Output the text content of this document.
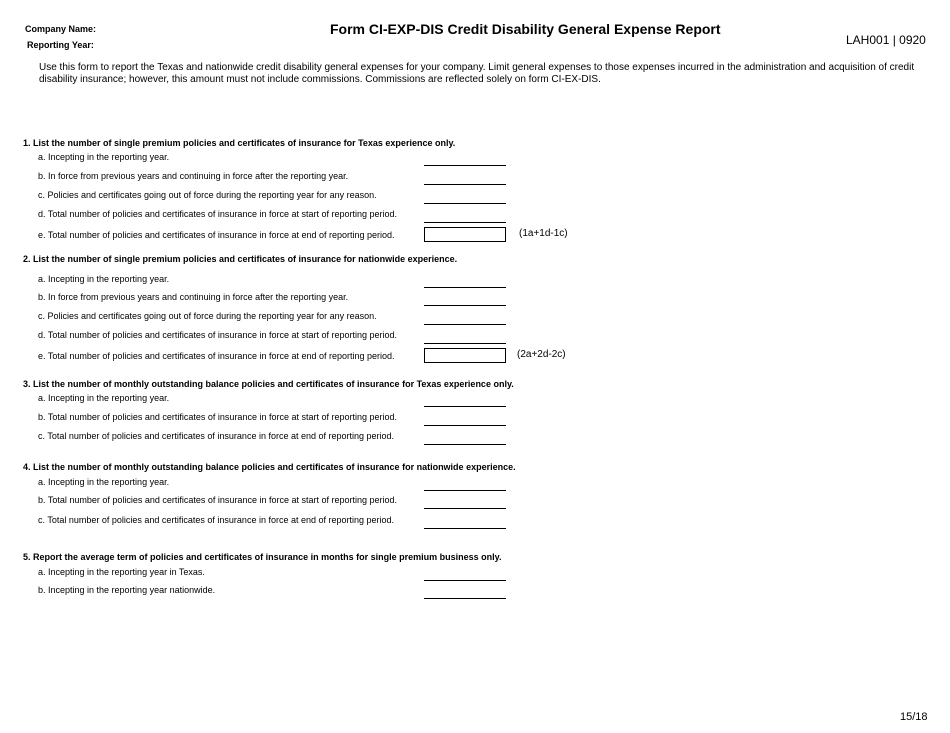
Company Name:
Reporting Year:
Form CI-EXP-DIS Credit Disability General Expense Report
LAH001 | 0920
Use this form to report the Texas and nationwide credit disability general expenses for your company. Limit general expenses to those expenses incurred in the administration and acquisition of credit disability insurance; however, this amount must not include commissions. Commissions are reflected solely on form CI-EX-DIS.
1. List the number of single premium policies and certificates of insurance for Texas experience only.
a. Incepting in the reporting year.
b. In force from previous years and continuing in force after the reporting year.
c. Policies and certificates going out of force during the reporting year for any reason.
d. Total number of policies and certificates of insurance in force at start of reporting period.
e. Total number of policies and certificates of insurance in force at end of reporting period.	(1a+1d-1c)
2. List the number of single premium policies and certificates of insurance for nationwide experience.
a. Incepting in the reporting year.
b. In force from previous years and continuing in force after the reporting year.
c. Policies and certificates going out of force during the reporting year for any reason.
d. Total number of policies and certificates of insurance in force at start of reporting period.
e. Total number of policies and certificates of insurance in force at end of reporting period.	(2a+2d-2c)
3. List the number of monthly outstanding balance policies and certificates of insurance for Texas experience only.
a. Incepting in the reporting year.
b. Total number of policies and certificates of insurance in force at start of reporting period.
c. Total number of policies and certificates of insurance in force at end of reporting period.
4. List the number of monthly outstanding balance policies and certificates of insurance for nationwide experience.
a. Incepting in the reporting year.
b. Total number of policies and certificates of insurance in force at start of reporting period.
c. Total number of policies and certificates of insurance in force at end of reporting period.
5. Report the average term of policies and certificates of insurance in months for single premium business only.
a. Incepting in the reporting year in Texas.
b. Incepting in the reporting year nationwide.
15/18
